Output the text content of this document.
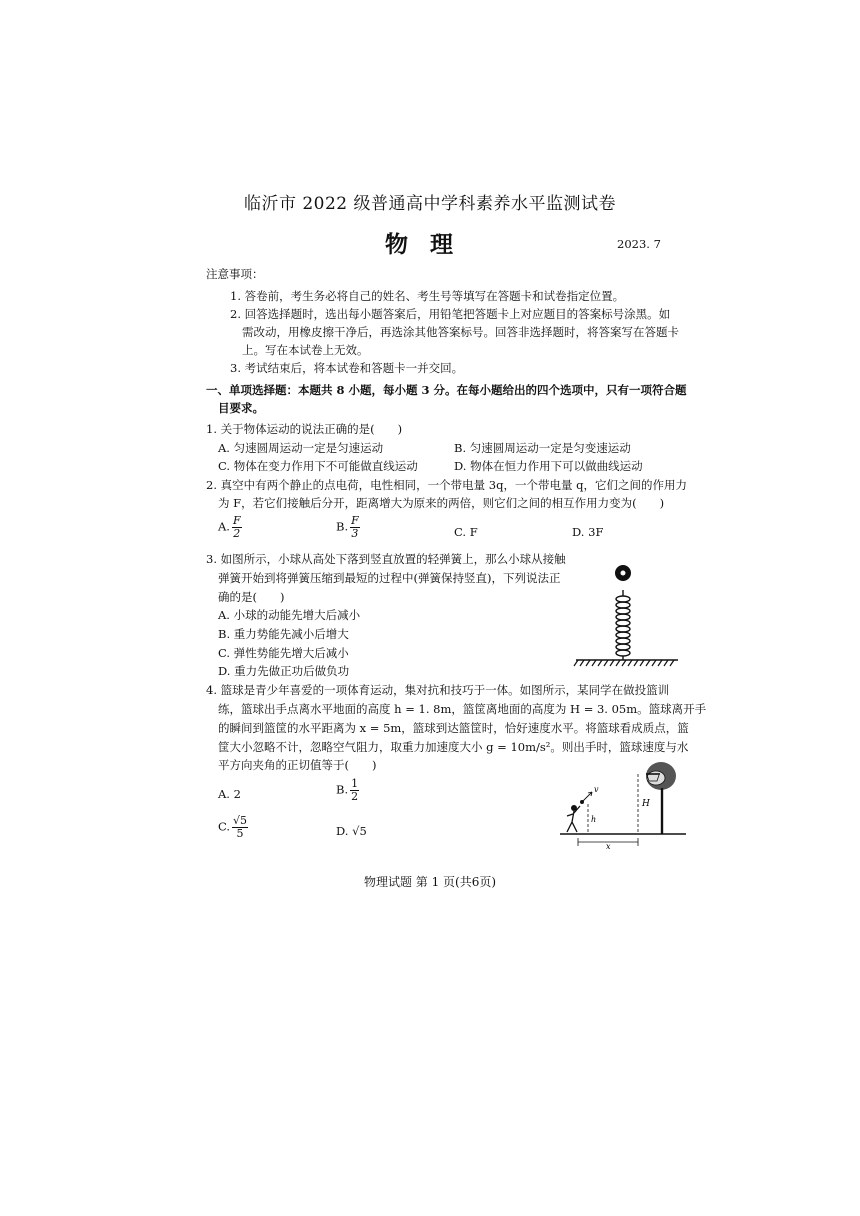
临沂市 2022 级普通高中学科素养水平监测试卷
物理	2023. 7
注意事项：
1. 答卷前，考生务必将自己的姓名、考生号等填写在答题卡和试卷指定位置。
2. 回答选择题时，选出每小题答案后，用铅笔把答题卡上对应题目的答案标号涂黑。如
需改动，用橡皮擦干净后，再选涂其他答案标号。回答非选择题时，将答案写在答题卡
上。写在本试卷上无效。
3. 考试结束后，将本试卷和答题卡一并交回。
一、单项选择题：本题共 8 小题，每小题 3 分。在每小题给出的四个选项中，只有一项符合题
目要求。
1. 关于物体运动的说法正确的是(　　)
A. 匀速圆周运动一定是匀速运动	B. 匀速圆周运动一定是匀变速运动
C. 物体在变力作用下不可能做直线运动	D. 物体在恒力作用下可以做曲线运动
2. 真空中有两个静止的点电荷，电性相同，一个带电量 3q，一个带电量 q，它们之间的作用力
为 F，若它们接触后分开，距离增大为原来的两倍，则它们之间的相互作用力变为(　　)
A. $\frac{F}{2}$	B. $\frac{F}{3}$	C. F	D. 3F
3. 如图所示，小球从高处下落到竖直放置的轻弹簧上，那么小球从接触
弹簧开始到将弹簧压缩到最短的过程中(弹簧保持竖直)，下列说法正
确的是(　　)
A. 小球的动能先增大后减小
B. 重力势能先减小后增大
C. 弹性势能先增大后减小
D. 重力先做正功后做负功
4. 篮球是青少年喜爱的一项体育运动，集对抗和技巧于一体。如图所示，某同学在做投篮训
练，篮球出手点离水平地面的高度 h = 1. 8m，篮筐离地面的高度为 H = 3. 05m。篮球离开手
的瞬间到篮筐的水平距离为 x = 5m，篮球到达篮筐时，恰好速度水平。将篮球看成质点，篮
筐大小忽略不计，忽略空气阻力，取重力加速度大小 g = 10m/s²。则出手时，篮球速度与水
平方向夹角的正切值等于(　　)
A. 2	B. $\frac{1}{2}$
C. $\frac{√5}{5}$	D. √5
v
H
h
x
物理试题 第 1 页(共6页)
